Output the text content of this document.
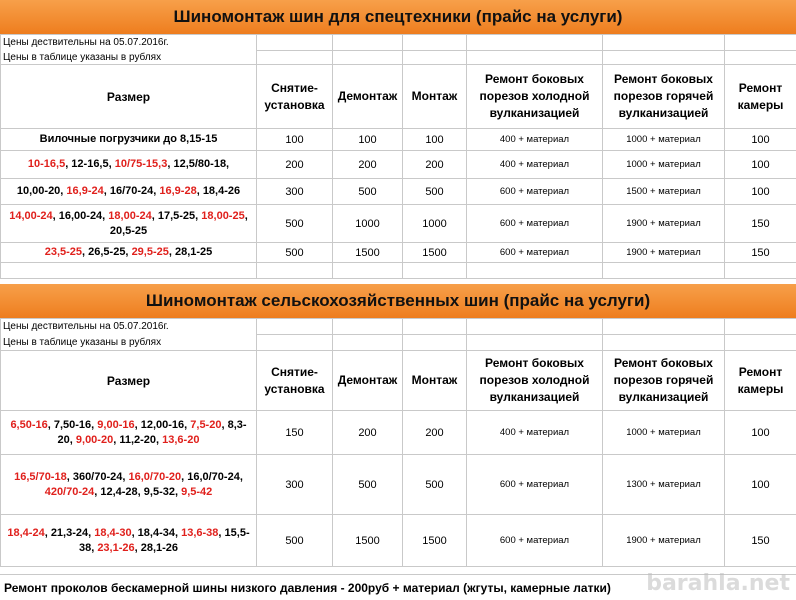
Шиномонтаж шин для спецтехники (прайс на услуги)
Цены дествительны на 05.07.2016г.						
Цены в таблице указаны в рублях						
Размер	Снятие-установка	Демонтаж	Монтаж	Ремонт боковых порезов холодной вулканизацией	Ремонт боковых порезов горячей вулканизацией	Ремонт камеры
Вилочные погрузчики до 8,15-15	100	100	100	400 + материал	1000 + материал	100
10-16,5, 12-16,5, 10/75-15,3, 12,5/80-18,	200	200	200	400 + материал	1000 + материал	100
10,00-20, 16,9-24, 16/70-24, 16,9-28, 18,4-26	300	500	500	600 + материал	1500 + материал	100
14,00-24, 16,00-24, 18,00-24, 17,5-25, 18,00-25, 20,5-25	500	1000	1000	600 + материал	1900 + материал	150
23,5-25, 26,5-25, 29,5-25, 28,1-25	500	1500	1500	600 + материал	1900 + материал	150

Шиномонтаж сельскохозяйственных шин (прайс на услуги)
Цены дествительны на 05.07.2016г.						
Цены в таблице указаны в рублях						
Размер	Снятие-установка	Демонтаж	Монтаж	Ремонт боковых порезов холодной вулканизацией	Ремонт боковых порезов горячей вулканизацией	Ремонт камеры
6,50-16, 7,50-16, 9,00-16, 12,00-16, 7,5-20, 8,3-20, 9,00-20, 11,2-20, 13,6-20	150	200	200	400 + материал	1000 + материал	100
16,5/70-18, 360/70-24, 16,0/70-20, 16,0/70-24, 420/70-24, 12,4-28, 9,5-32, 9,5-42	300	500	500	600 + материал	1300 + материал	100
18,4-24, 21,3-24, 18,4-30, 18,4-34, 13,6-38, 15,5-38, 23,1-26, 28,1-26	500	1500	1500	600 + материал	1900 + материал	150
Ремонт проколов бескамерной шины низкого давления - 200руб + материал (жгуты, камерные латки)	barahla.net
